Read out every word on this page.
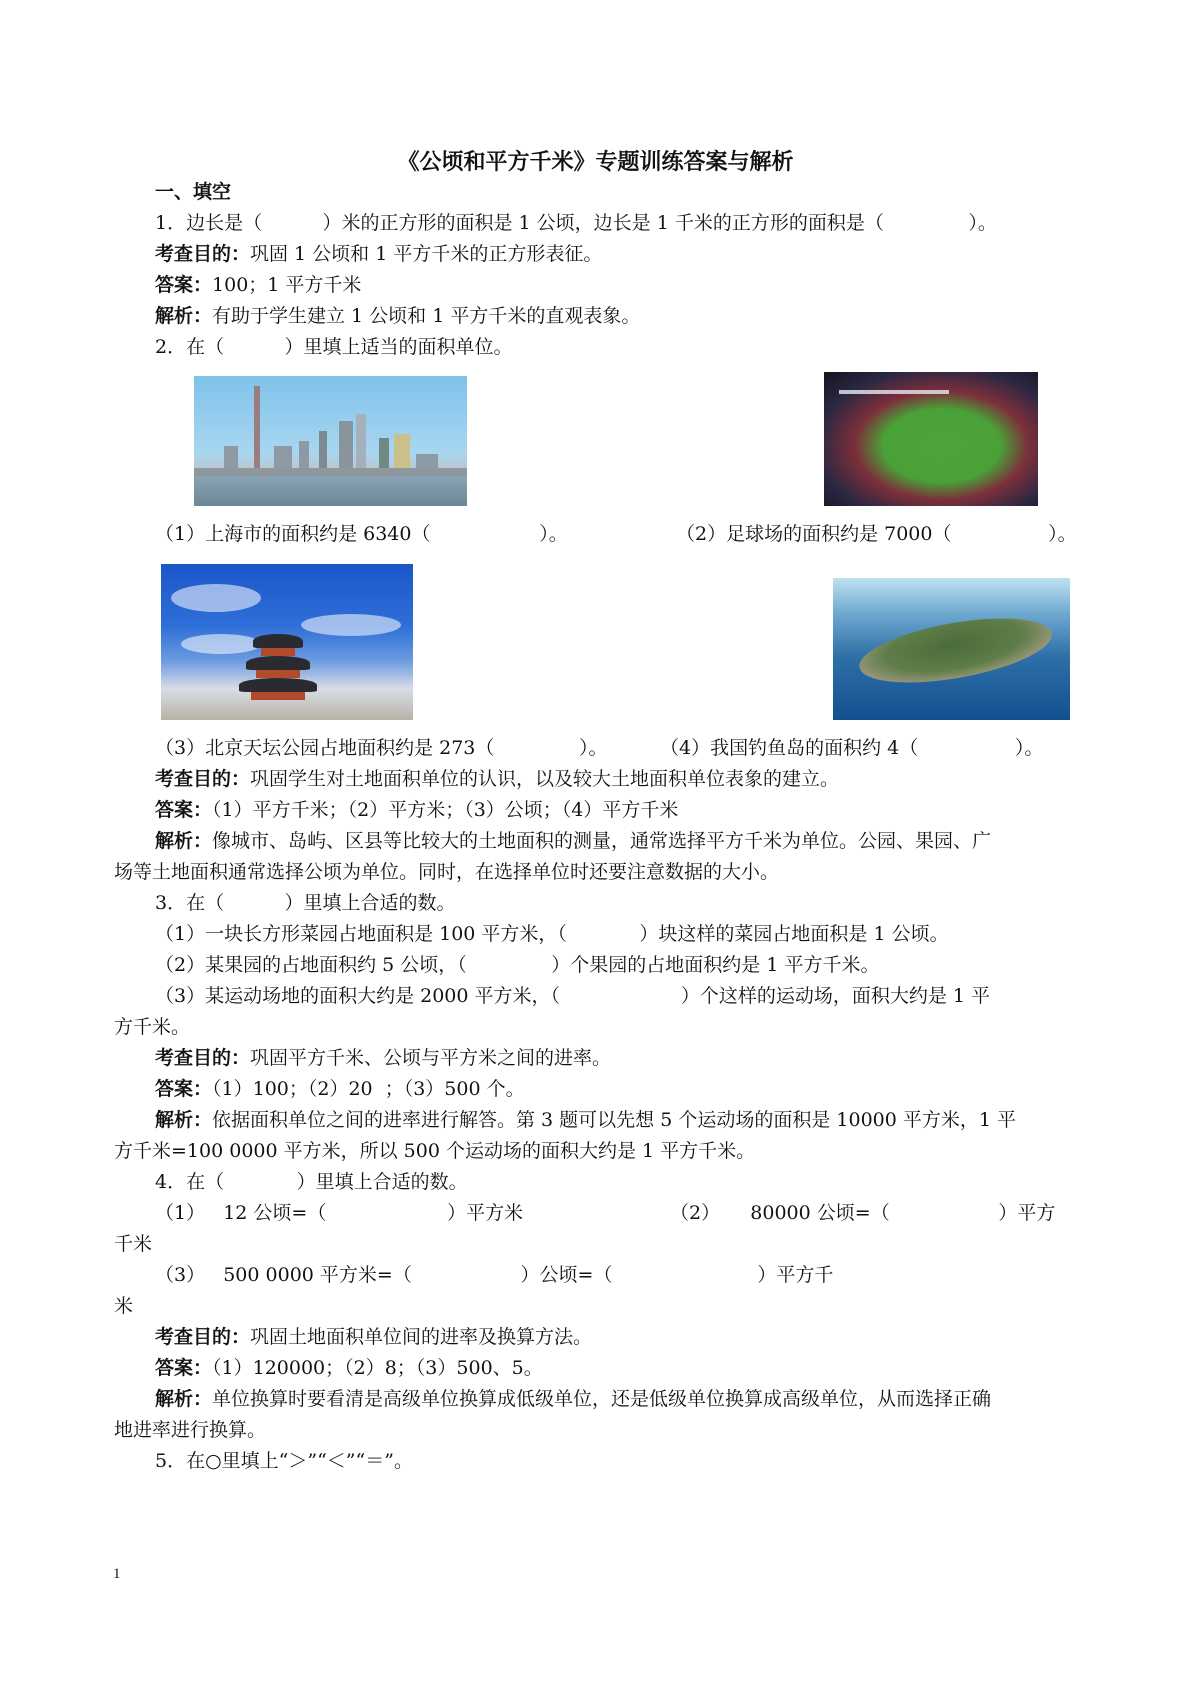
《公顷和平方千米》专题训练答案与解析
一、填空
1．边长是（          ）米的正方形的面积是 1 公顷，边长是 1 千米的正方形的面积是（              ）。
考查目的：巩固 1 公顷和 1 平方千米的正方形表征。
答案：100；1 平方千米
解析：有助于学生建立 1 公顷和 1 平方千米的直观表象。
2．在（          ）里填上适当的面积单位。
（1）上海市的面积约是 6340（                  ）。	（2）足球场的面积约是 7000（                ）。
（3）北京天坛公园占地面积约是 273（              ）。	（4）我国钓鱼岛的面积约 4（                ）。
考查目的：巩固学生对土地面积单位的认识，以及较大土地面积单位表象的建立。
答案：（1）平方千米；（2）平方米；（3）公顷；（4）平方千米
解析：像城市、岛屿、区县等比较大的土地面积的测量，通常选择平方千米为单位。公园、果园、广
场等土地面积通常选择公顷为单位。同时，在选择单位时还要注意数据的大小。
3．在（          ）里填上合适的数。
（1）一块长方形菜园占地面积是 100 平方米，（            ）块这样的菜园占地面积是 1 公顷。
（2）某果园的占地面积约 5 公顷，（              ）个果园的占地面积约是 1 平方千米。
（3）某运动场地的面积大约是 2000 平方米，（                    ）个这样的运动场，面积大约是 1 平
方千米。
考查目的：巩固平方千米、公顷与平方米之间的进率。
答案：（1）100；（2）20  ；（3）500 个。
解析：依据面积单位之间的进率进行解答。第 3 题可以先想 5 个运动场的面积是 10000 平方米，1 平
方千米=100 0000 平方米，所以 500 个运动场的面积大约是 1 平方千米。
4．在（            ）里填上合适的数。
（1）   12 公顷=（                    ）平方米	（2）     80000 公顷=（                  ）平方
千米
（3）   500 0000 平方米=（                  ）公顷=（                        ）平方千
米
考查目的：巩固土地面积单位间的进率及换算方法。
答案：（1）120000；（2）8；（3）500、5。
解析：单位换算时要看清是高级单位换算成低级单位，还是低级单位换算成高级单位，从而选择正确
地进率进行换算。
5．在○里填上“＞”“＜”“＝”。
1
